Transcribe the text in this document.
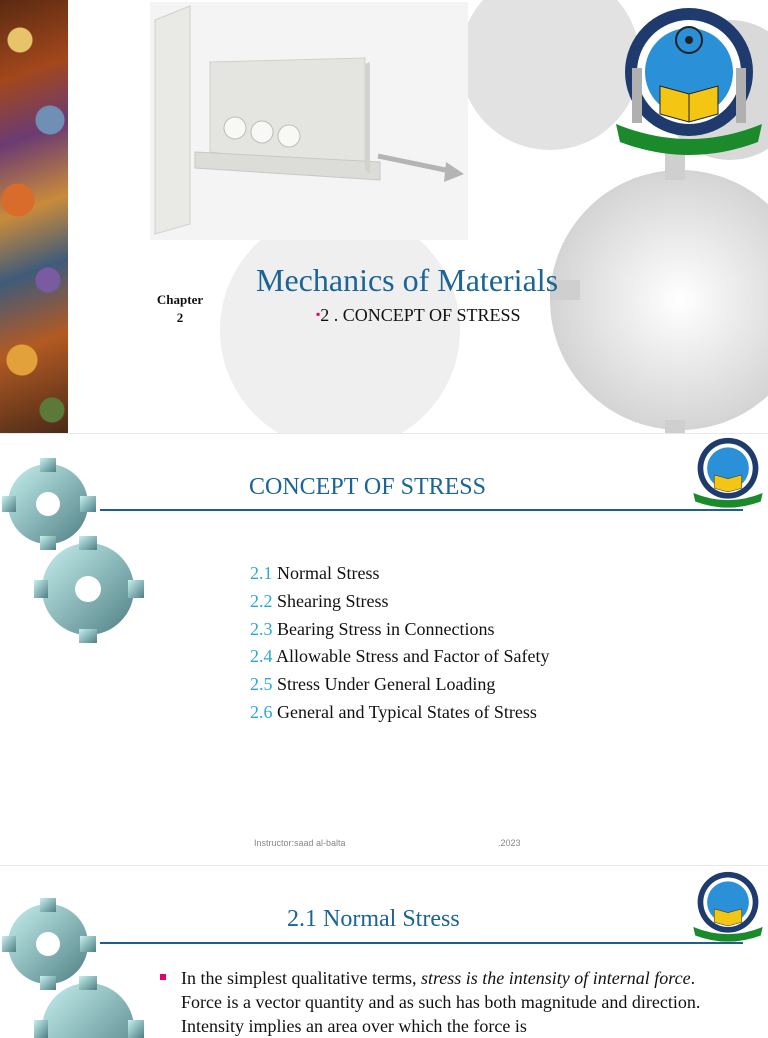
Mechanics of Materials
Chapter
2	▪2 . CONCEPT OF STRESS
CONCEPT OF STRESS
2.1 Normal Stress
2.2 Shearing Stress
2.3 Bearing Stress in Connections
2.4 Allowable Stress and Factor of Safety
2.5 Stress Under General Loading
2.6 General and Typical States of Stress
Instructor:saad al-balta	.2023
2.1 Normal Stress
In the simplest qualitative terms, stress is the intensity of internal force. Force is a vector quantity and as such has both magnitude and direction. Intensity implies an area over which the force is
